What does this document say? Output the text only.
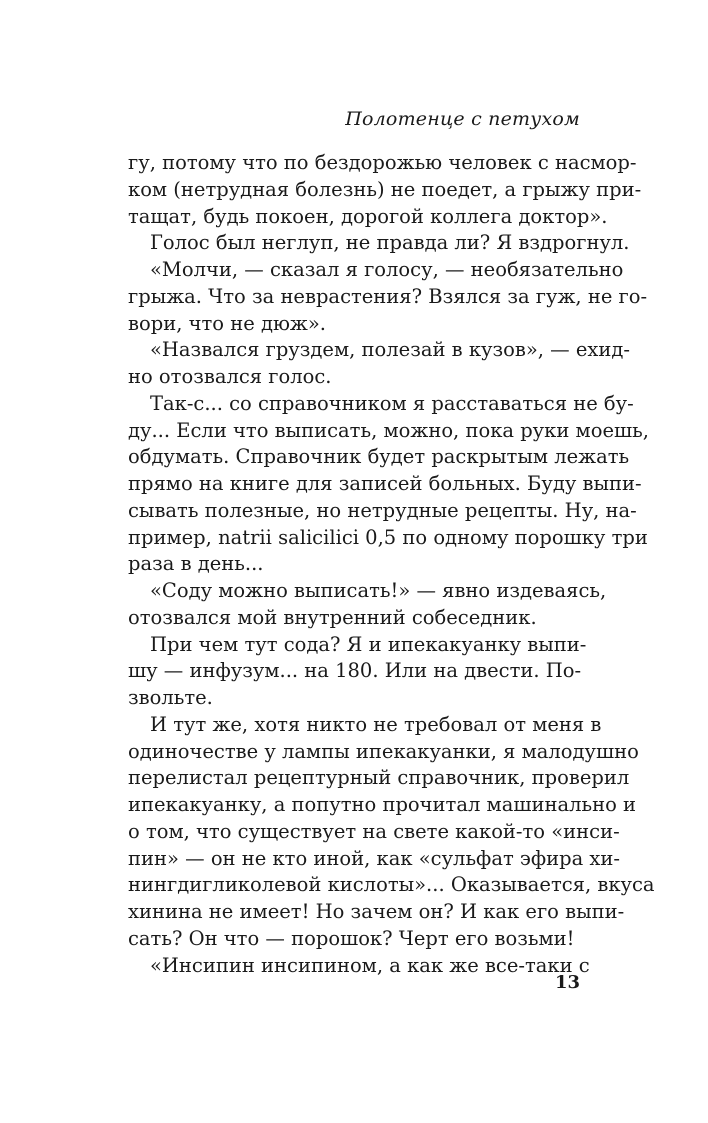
Полотенце с петухом
гу, потому что по бездорожью человек с насмор-
ком (нетрудная болезнь) не поедет, а грыжу при-
тащат, будь покоен, дорогой коллега доктор».
Голос был неглуп, не правда ли? Я вздрогнул.
«Молчи, — сказал я голосу, — необязательно
грыжа. Что за неврастения? Взялся за гуж, не го-
вори, что не дюж».
«Назвался груздем, полезай в кузов», — ехид-
но отозвался голос.
Так-с... со справочником я расставаться не бу-
ду... Если что выписать, можно, пока руки моешь,
обдумать. Справочник будет раскрытым лежать
прямо на книге для записей больных. Буду выпи-
сывать полезные, но нетрудные рецепты. Ну, на-
пример, natrii salicilici 0,5 по одному порошку три
раза в день...
«Соду можно выписать!» — явно издеваясь,
отозвался мой внутренний собеседник.
При чем тут сода? Я и ипекакуанку выпи-
шу — инфузум... на 180. Или на двести. По-
звольте.
И тут же, хотя никто не требовал от меня в
одиночестве у лампы ипекакуанки, я малодушно
перелистал рецептурный справочник, проверил
ипекакуанку, а попутно прочитал машинально и
о том, что существует на свете какой-то «инси-
пин» — он не кто иной, как «сульфат эфира хи-
нингдигликолевой кислоты»... Оказывается, вкуса
хинина не имеет! Но зачем он? И как его выпи-
сать? Он что — порошок? Черт его возьми!
«Инсипин инсипином, а как же все-таки с
13
